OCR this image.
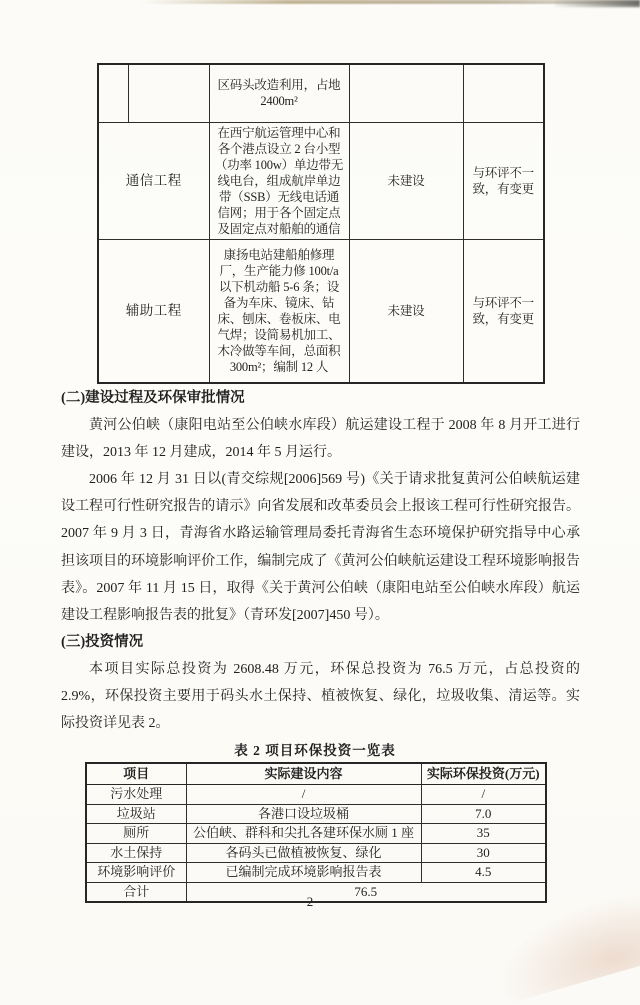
		区码头改造利用，占地 2400m²		
通信工程		在西宁航运管理中心和各个港点设立 2 台小型（功率 100w）单边带无线电台，组成航岸单边带（SSB）无线电话通信网；用于各个固定点及固定点对船舶的通信	未建设	与环评不一致，有变更
辅助工程		康扬电站建船舶修理厂，生产能力修 100t/a 以下机动船 5-6 条；设备为车床、镜床、钻床、刨床、卷板床、电气焊；设简易机加工、木冷做等车间，总面积 300m²；编制 12 人	未建设	与环评不一致，有变更

(二)建设过程及环保审批情况

黄河公伯峡（康阳电站至公伯峡水库段）航运建设工程于 2008 年 8 月开工进行建设，2013 年 12 月建成，2014 年 5 月运行。

2006 年 12 月 31 日以(青交综规[2006]569 号)《关于请求批复黄河公伯峡航运建设工程可行性研究报告的请示》向省发展和改革委员会上报该工程可行性研究报告。2007 年 9 月 3 日，青海省水路运输管理局委托青海省生态环境保护研究指导中心承担该项目的环境影响评价工作，编制完成了《黄河公伯峡航运建设工程环境影响报告表》。2007 年 11 月 15 日，取得《关于黄河公伯峡（康阳电站至公伯峡水库段）航运建设工程影响报告表的批复》（青环发[2007]450 号）。

(三)投资情况

本项目实际总投资为 2608.48 万元，环保总投资为 76.5 万元，占总投资的 2.9%，环保投资主要用于码头水土保持、植被恢复、绿化，垃圾收集、清运等。实际投资详见表 2。

表 2 项目环保投资一览表

项目	实际建设内容	实际环保投资(万元)
污水处理	/	/
垃圾站	各港口设垃圾桶	7.0
厕所	公伯峡、群科和尖扎各建环保水厕 1 座	35
水土保持	各码头已做植被恢复、绿化	30
环境影响评价	已编制完成环境影响报告表	4.5
合计	76.5	
2
